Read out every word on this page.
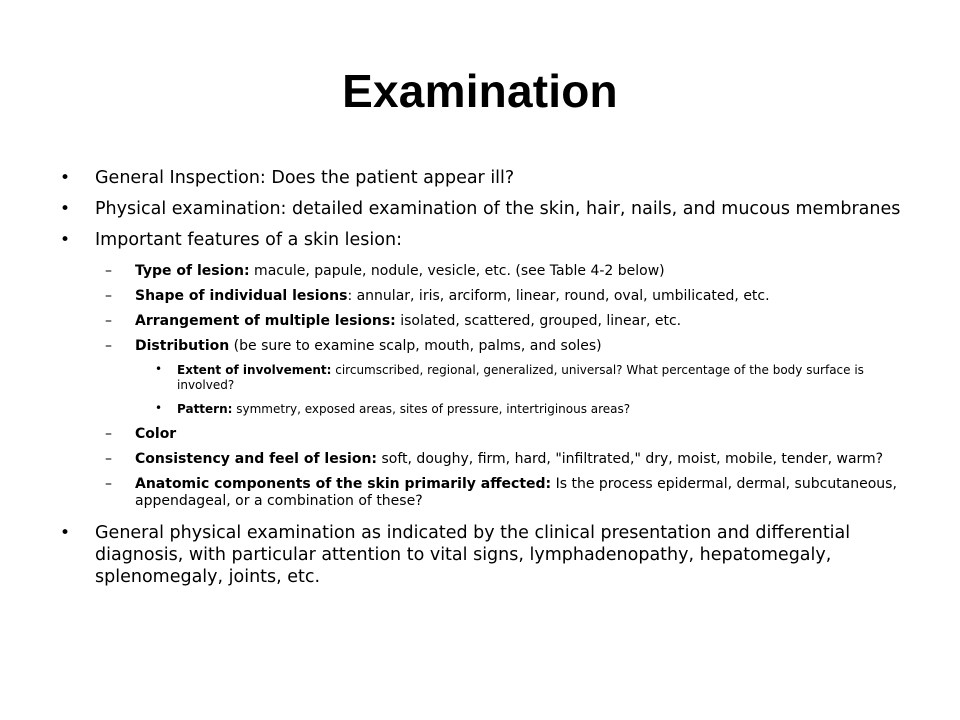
Examination
• General Inspection: Does the patient appear ill?
• Physical examination: detailed examination of the skin, hair, nails, and mucous membranes
• Important features of a skin lesion:
– Type of lesion: macule, papule, nodule, vesicle, etc. (see Table 4-2 below)
– Shape of individual lesions: annular, iris, arciform, linear, round, oval, umbilicated, etc.
– Arrangement of multiple lesions: isolated, scattered, grouped, linear, etc.
– Distribution (be sure to examine scalp, mouth, palms, and soles)
• Extent of involvement: circumscribed, regional, generalized, universal? What percentage of the body surface is involved?
• Pattern: symmetry, exposed areas, sites of pressure, intertriginous areas?
– Color
– Consistency and feel of lesion: soft, doughy, firm, hard, "infiltrated," dry, moist, mobile, tender, warm?
– Anatomic components of the skin primarily affected: Is the process epidermal, dermal, subcutaneous, appendageal, or a combination of these?
• General physical examination as indicated by the clinical presentation and differential diagnosis, with particular attention to vital signs, lymphadenopathy, hepatomegaly, splenomegaly, joints, etc.
